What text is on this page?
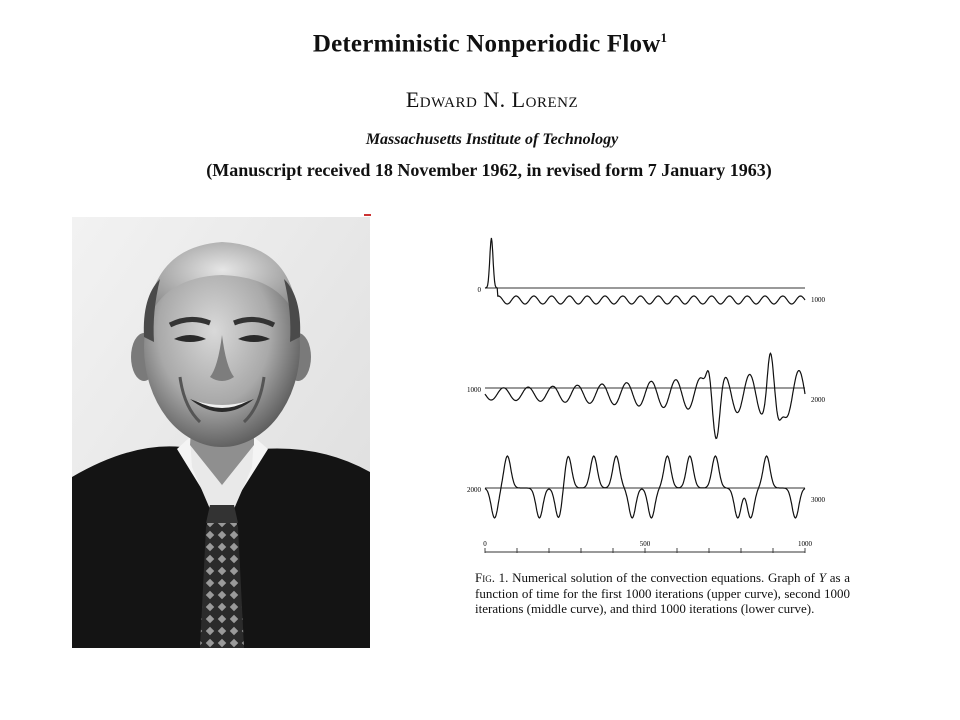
Deterministic Nonperiodic Flow$^1$
Edward N. Lorenz
Massachusetts Institute of Technology
(Manuscript received 18 November 1962, in revised form 7 January 1963)
0
1000
1000
2000
2000
3000
0	500	1000
Fig. 1. Numerical solution of the convection equations. Graph of Y as a function of time for the first 1000 iterations (upper curve), second 1000 iterations (middle curve), and third 1000 iterations (lower curve).
